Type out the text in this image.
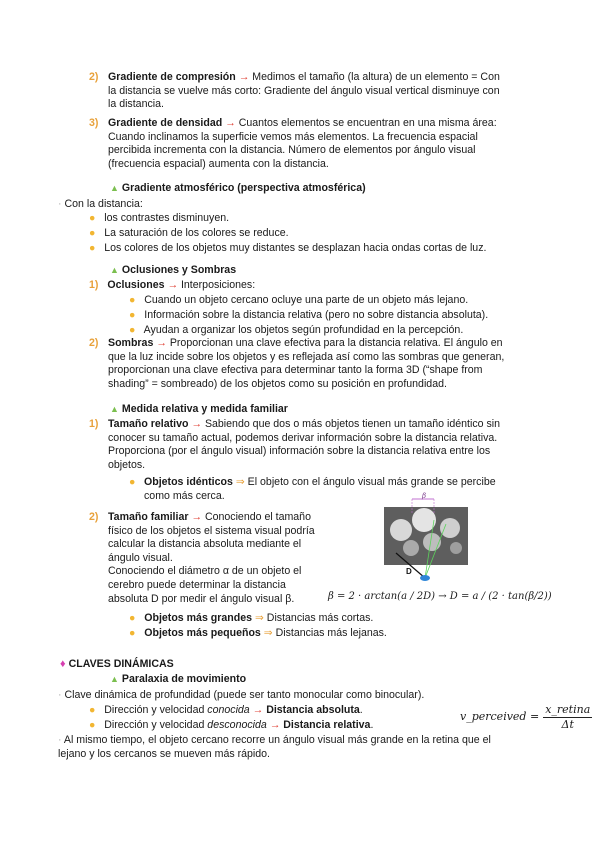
2) Gradiente de compresión → Medimos el tamaño (la altura) de un elemento = Con

la distancia se vuelve más corto: Gradiente del ángulo visual vertical disminuye con

la distancia.

3) Gradiente de densidad → Cuantos elementos se encuentran en una misma área:

Cuando inclinamos la superficie vemos más elementos. La frecuencia espacial

percibida incrementa con la distancia. Número de elementos por ángulo visual

(frecuencia espacial) aumenta con la distancia.

▲ Gradiente atmosférico (perspectiva atmosférica)
· Con la distancia:

● los contrastes disminuyen.

● La saturación de los colores se reduce.

● Los colores de los objetos muy distantes se desplazan hacia ondas cortas de luz.

▲ Oclusiones y Sombras
1) Oclusiones → Interposiciones:

● Cuando un objeto cercano ocluye una parte de un objeto más lejano.

● Información sobre la distancia relativa (pero no sobre distancia absoluta).

● Ayudan a organizar los objetos según profundidad en la percepción.

2) Sombras → Proporcionan una clave efectiva para la distancia relativa. El ángulo en

que la luz incide sobre los objetos y es reflejada así como las sombras que generan,

proporcionan una clave efectiva para determinar tanto la forma 3D (“shape from

shading” = sombreado) de los objetos como su posición en profundidad.

▲ Medida relativa y medida familiar
1) Tamaño relativo → Sabiendo que dos o más objetos tienen un tamaño idéntico sin

conocer su tamaño actual, podemos derivar información sobre la distancia relativa.

Proporciona (por el ángulo visual) información sobre la distancia relativa entre los

objetos.

● Objetos idénticos ⇒ El objeto con el ángulo visual más grande se percibe

como más cerca.

2) Tamaño familiar → Conociendo el tamaño

físico de los objetos el sistema visual podría

calcular la distancia absoluta mediante el

ángulo visual.

Conociendo el diámetro α de un objeto el

cerebro puede determinar la distancia

absoluta D por medir el ángulo visual β.

β
D
β = 2 · arctan(a / 2D) → D = a / (2 · tan(β/2))

● Objetos más grandes ⇒ Distancias más cortas.

● Objetos más pequeños ⇒ Distancias más lejanas.

♦ CLAVES DINÁMICAS
▲ Paralaxia de movimiento
· Clave dinámica de profundidad (puede ser tanto monocular como binocular).

● Dirección y velocidad conocida → Distancia absoluta.

● Dirección y velocidad desconocida → Distancia relativa.

v_perceived =
x_retina
Δt

· Al mismo tiempo, el objeto cercano recorre un ángulo visual más grande en la retina que el

lejano y los cercanos se mueven más rápido.
